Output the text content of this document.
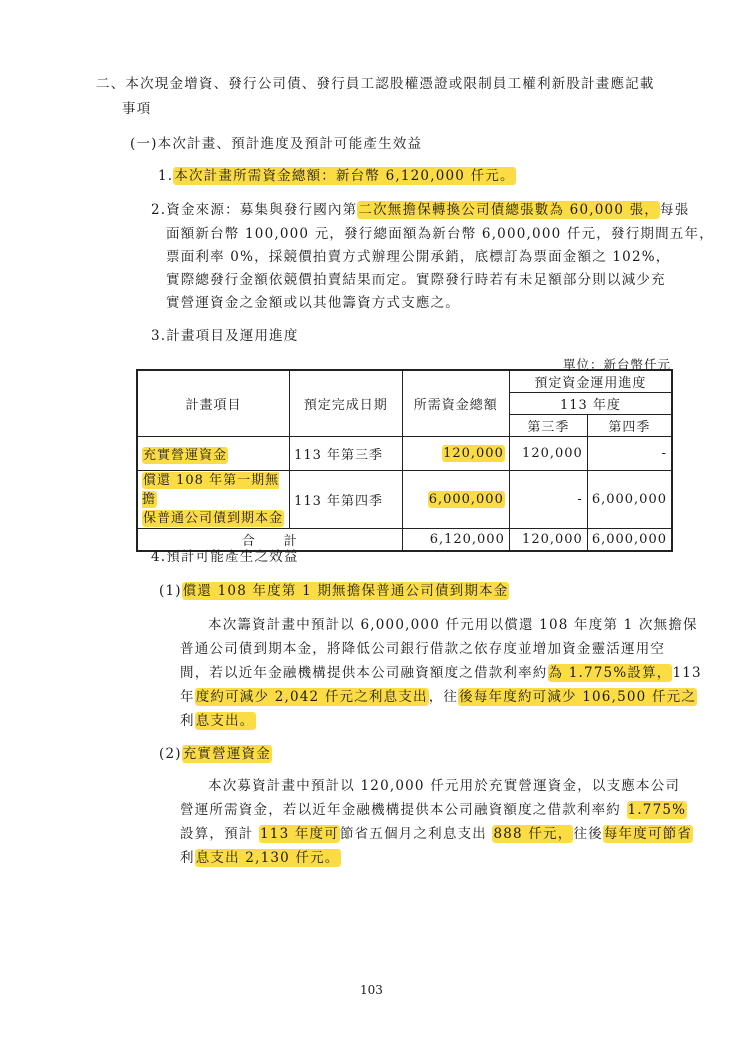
二、本次現金增資、發行公司債、發行員工認股權憑證或限制員工權利新股計畫應記載
事項
(一)本次計畫、預計進度及預計可能產生效益
1.本次計畫所需資金總額：新台幣 6,120,000 仟元。
2.資金來源：募集與發行國內第二次無擔保轉換公司債總張數為 60,000 張，每張
面額新台幣 100,000 元，發行總面額為新台幣 6,000,000 仟元，發行期間五年，
票面利率 0%，採競價拍賣方式辦理公開承銷，底標訂為票面金額之 102%，
實際總發行金額依競價拍賣結果而定。實際發行時若有未足額部分則以減少充
實營運資金之金額或以其他籌資方式支應之。
3.計畫項目及運用進度
單位：新台幣仟元
計畫項目	預定完成日期	所需資金總額	預定資金運用進度	
			113 年度	
			第三季	第四季
充實營運資金	113 年第三季	120,000	120,000	-
償還 108 年第一期無擔
保普通公司債到期本金	113 年第四季	6,000,000	-	6,000,000
合　　計		6,120,000	120,000	6,000,000
4.預計可能產生之效益
(1)償還 108 年度第 1 期無擔保普通公司債到期本金
本次籌資計畫中預計以 6,000,000 仟元用以償還 108 年度第 1 次無擔保
普通公司債到期本金，將降低公司銀行借款之依存度並增加資金靈活運用空
間，若以近年金融機構提供本公司融資額度之借款利率約為 1.775%設算，113
年度約可減少 2,042 仟元之利息支出，往後每年度約可減少 106,500 仟元之
利息支出。
(2)充實營運資金
本次募資計畫中預計以 120,000 仟元用於充實營運資金，以支應本公司
營運所需資金，若以近年金融機構提供本公司融資額度之借款利率約 1.775%
設算，預計 113 年度可節省五個月之利息支出 888 仟元，往後每年度可節省
利息支出 2,130 仟元。
103
